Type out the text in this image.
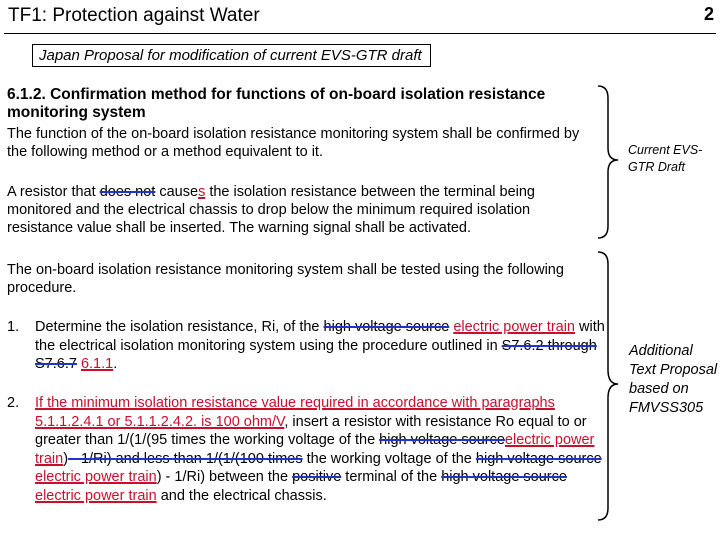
TF1: Protection against Water	2
Japan Proposal for modification of current EVS-GTR draft
6.1.2. Confirmation method for functions of on-board isolation resistance monitoring system
The function of the on-board isolation resistance monitoring system shall be confirmed by the following method or a method equivalent to it.
A resistor that does not causes the isolation resistance between the terminal being monitored and the electrical chassis to drop below the minimum required isolation resistance value shall be inserted. The warning signal shall be activated.
The on-board isolation resistance monitoring system shall be tested using the following procedure.
1. Determine the isolation resistance, Ri, of the high voltage source electric power train with the electrical isolation monitoring system using the procedure outlined in S7.6.2 through S7.6.7 6.1.1.
2. If the minimum isolation resistance value required in accordance with paragraphs 5.1.1.2.4.1 or 5.1.1.2.4.2. is 100 ohm/V, insert a resistor with resistance Ro equal to or greater than 1/(1/(95 times the working voltage of the high voltage sourceelectric power train) - 1/Ri) and less than 1/(1/(100 times the working voltage of the high voltage source electric power train) - 1/Ri) between the positive terminal of the high voltage source electric power train and the electrical chassis.
Current EVS-GTR Draft
Additional Text Proposal based on FMVSS305
